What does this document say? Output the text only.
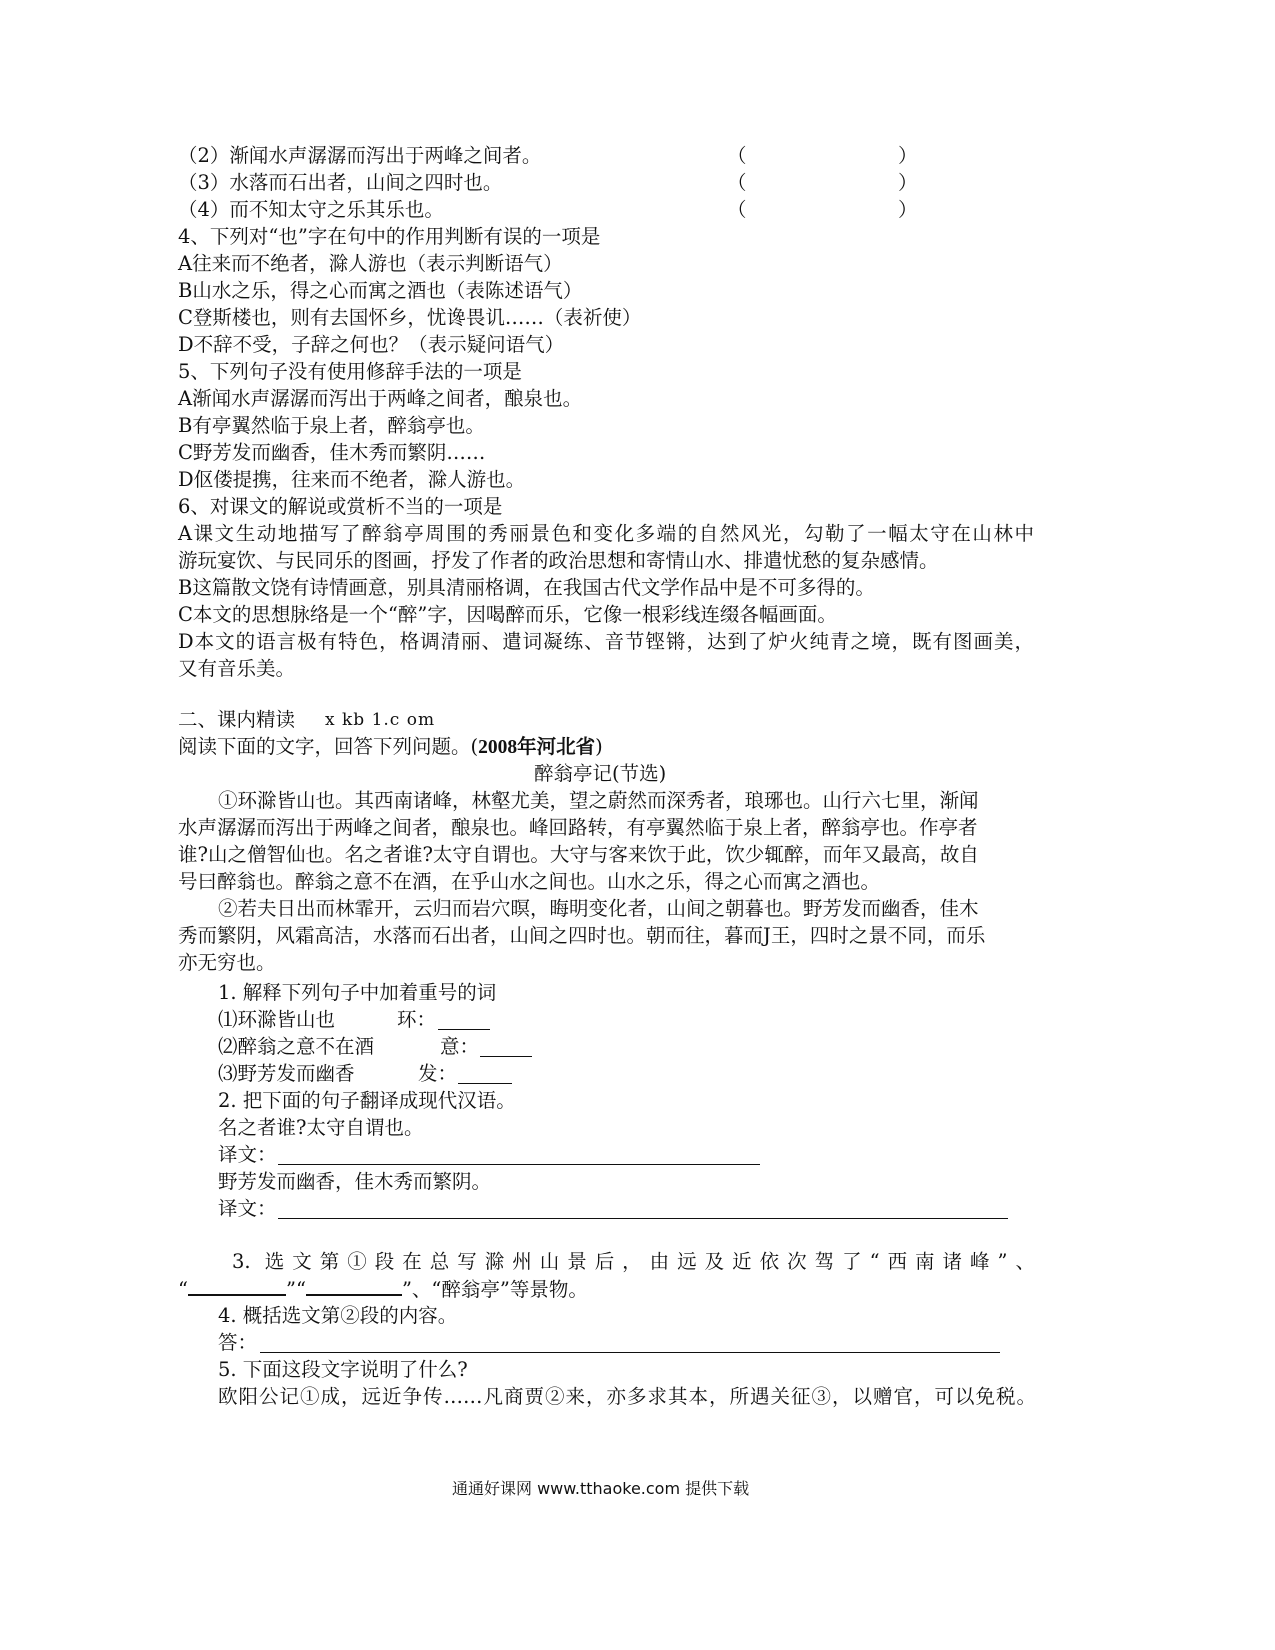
（2）渐闻水声潺潺而泻出于两峰之间者。	（	）
（3）水落而石出者，山间之四时也。	（	）
（4）而不知太守之乐其乐也。	（	）
4、下列对“也”字在句中的作用判断有误的一项是
A往来而不绝者，滁人游也（表示判断语气）
B山水之乐，得之心而寓之酒也（表陈述语气）
C登斯楼也，则有去国怀乡，忧谗畏讥……（表祈使）
D不辞不受，子辞之何也？（表示疑问语气）
5、下列句子没有使用修辞手法的一项是
A渐闻水声潺潺而泻出于两峰之间者，酿泉也。
B有亭翼然临于泉上者，醉翁亭也。
C野芳发而幽香，佳木秀而繁阴……
D伛偻提携，往来而不绝者，滁人游也。
6、对课文的解说或赏析不当的一项是
A课文生动地描写了醉翁亭周围的秀丽景色和变化多端的自然风光，勾勒了一幅太守在山林中
游玩宴饮、与民同乐的图画，抒发了作者的政治思想和寄情山水、排遣忧愁的复杂感情。
B这篇散文饶有诗情画意，别具清丽格调，在我国古代文学作品中是不可多得的。
C本文的思想脉络是一个“醉”字，因喝醉而乐，它像一根彩线连缀各幅画面。
D本文的语言极有特色，格调清丽、遣词凝练、音节铿锵，达到了炉火纯青之境，既有图画美，
又有音乐美。
二、课内精读 x kb 1.c om
阅读下面的文字，回答下列问题。(2008年河北省)
醉翁亭记(节选)
①环滁皆山也。其西南诸峰，林壑尤美，望之蔚然而深秀者，琅琊也。山行六七里，渐闻
水声潺潺而泻出于两峰之间者，酿泉也。峰回路转，有亭翼然临于泉上者，醉翁亭也。作亭者
谁?山之僧智仙也。名之者谁?太守自谓也。大守与客来饮于此，饮少辄醉，而年又最高，故自
号曰醉翁也。醉翁之意不在酒，在乎山水之间也。山水之乐，得之心而寓之酒也。
②若夫日出而林霏开，云归而岩穴暝，晦明变化者，山间之朝暮也。野芳发而幽香，佳木
秀而繁阴，风霜高洁，水落而石出者，山间之四时也。朝而往，暮而J王，四时之景不同，而乐
亦无穷也。
1. 解释下列句子中加着重号的词
⑴环滁皆山也	环：
⑵醉翁之意不在酒	意：
⑶野芳发而幽香	发：
2. 把下面的句子翻译成现代汉语。
名之者谁?太守自谓也。
译文：
野芳发而幽香，佳木秀而繁阴。
译文：
3. 选文第①段在总写滁州山景后，由远及近依次驾了“西南诸峰”、
“	”“	”、“醉翁亭”等景物。
4. 概括选文第②段的内容。
答：
5. 下面这段文字说明了什么?
欧阳公记①成，远近争传……凡商贾②来，亦多求其本，所遇关征③，以赠官，可以免税。
通通好课网 www.tthaoke.com 提供下载
